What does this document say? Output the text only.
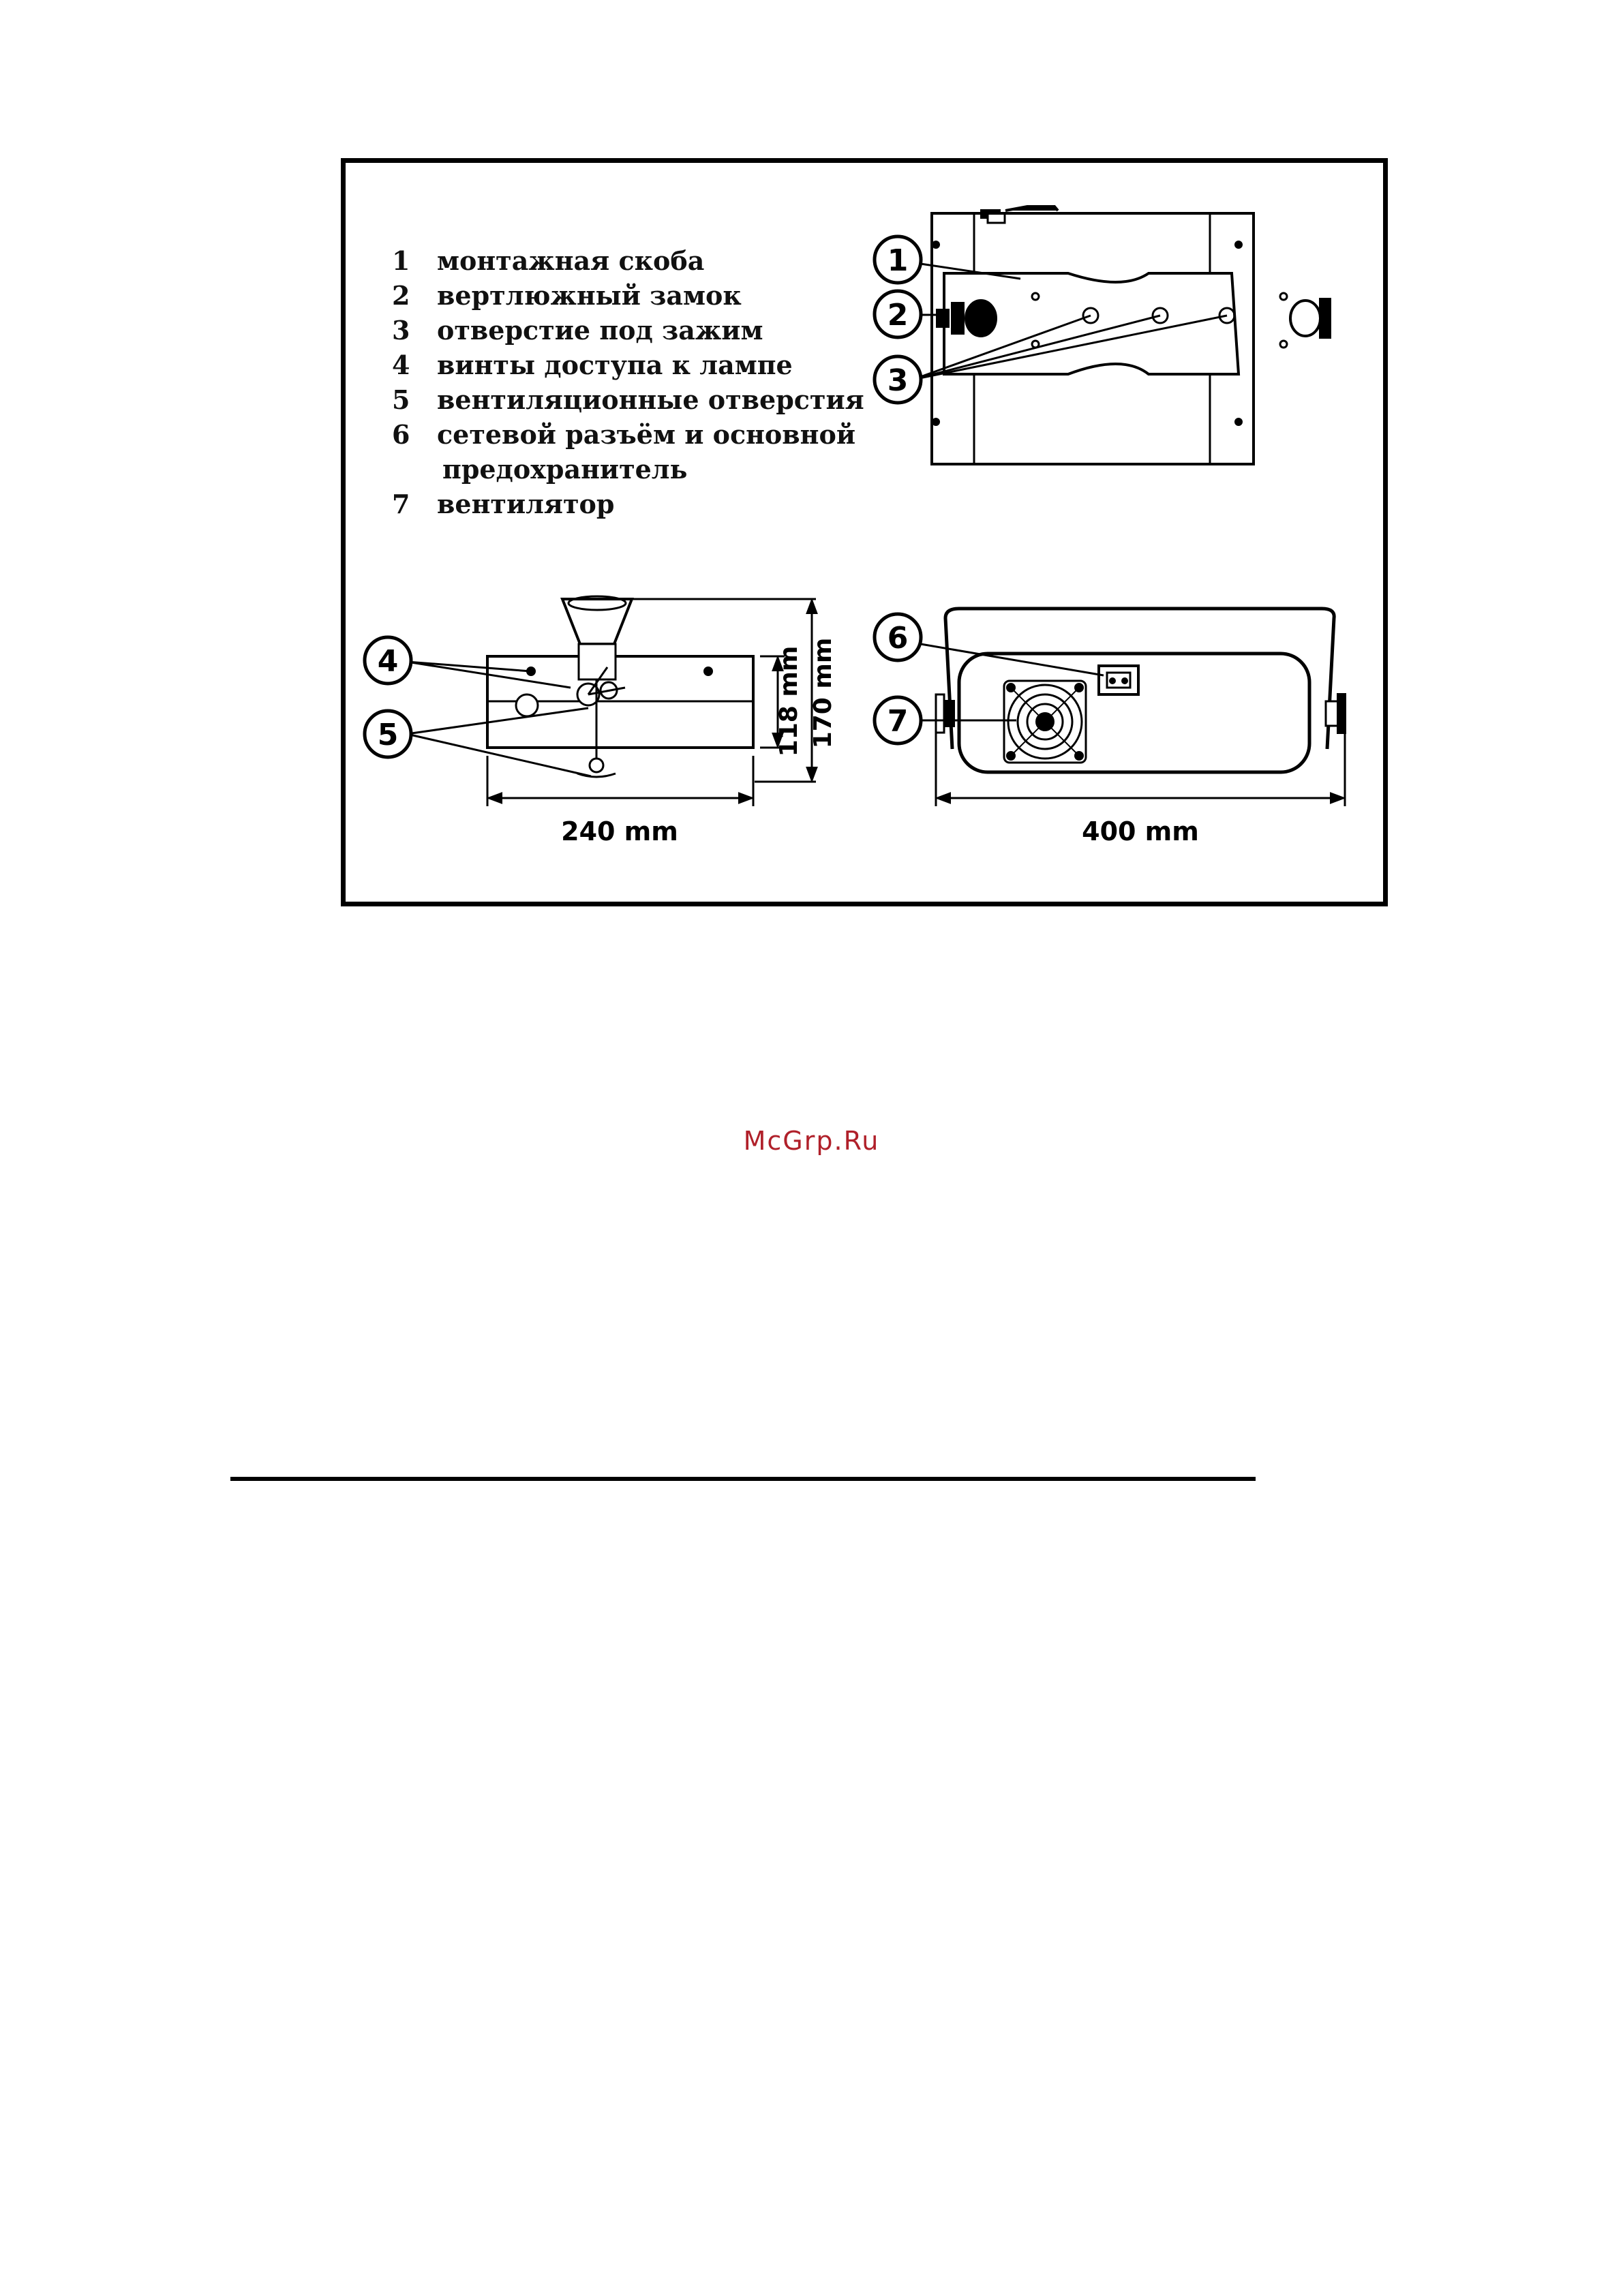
1	монтажная скоба
2	вертлюжный замок
3	отверстие под зажим
4	винты доступа к лампе
5	вентиляционные отверстия
6	сетевой разъём и основной
предохранитель
7	вентилятор
1
2
3
4
5
6
7
240 mm	400 mm
118 mm 170 mm
McGrp.Ru
